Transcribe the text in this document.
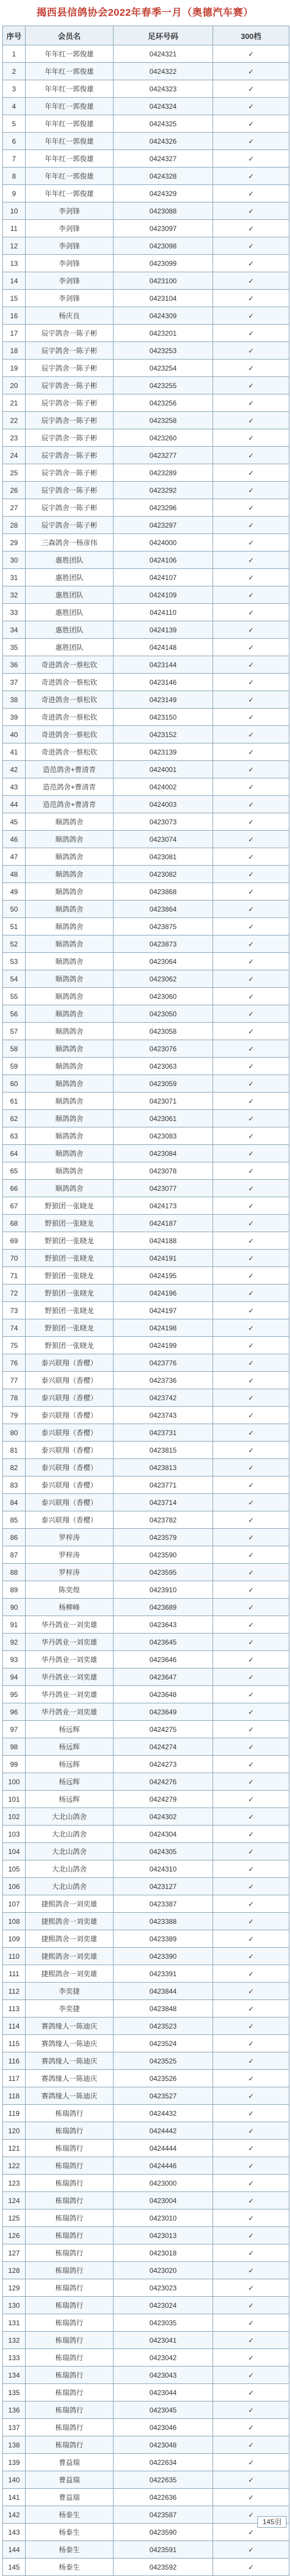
揭西县信鸽协会2022年春季一月（奥德汽车赛）
序号	会员名	足环号码	300档
1	年年红一郭俊雄	0424321	✓
2	年年红一郭俊雄	0424322	✓
3	年年红一郭俊雄	0424323	✓
4	年年红一郭俊雄	0424324	✓
5	年年红一郭俊雄	0424325	✓
6	年年红一郭俊雄	0424326	✓
7	年年红一郭俊雄	0424327	✓
8	年年红一郭俊雄	0424328	✓
9	年年红一郭俊雄	0424329	✓
10	李剑锋	0423088	✓
11	李剑锋	0423097	✓
12	李剑锋	0423098	✓
13	李剑锋	0423099	✓
14	李剑锋	0423100	✓
15	李剑锋	0423104	✓
16	杨庆良	0424309	✓
17	辰宇鸽舍一陈子彬	0423201	✓
18	辰宇鸽舍一陈子彬	0423253	✓
19	辰宇鸽舍一陈子彬	0423254	✓
20	辰宇鸽舍一陈子彬	0423255	✓
21	辰宇鸽舍一陈子彬	0423256	✓
22	辰宇鸽舍一陈子彬	0423258	✓
23	辰宇鸽舍一陈子彬	0423260	✓
24	辰宇鸽舍一陈子彬	0423277	✓
25	辰宇鸽舍一陈子彬	0423289	✓
26	辰宇鸽舍一陈子彬	0423292	✓
27	辰宇鸽舍一陈子彬	0423296	✓
28	辰宇鸽舍一陈子彬	0423297	✓
29	三森鸽舍一杨彦伟	0424000	✓
30	惠胜团队	0424106	✓
31	惠胜团队	0424107	✓
32	惠胜团队	0424109	✓
33	惠胜团队	0424110	✓
34	惠胜团队	0424139	✓
35	惠胜团队	0424148	✓
36	奇进鸽舍一蔡松钦	0423144	✓
37	奇进鸽舍一蔡松钦	0423146	✓
38	奇进鸽舍一蔡松钦	0423149	✓
39	奇进鸽舍一蔡松钦	0423150	✓
40	奇进鸽舍一蔡松钦	0423152	✓
41	奇进鸽舍一蔡松钦	0423139	✓
42	造范鸽舍+曹清青	0424001	✓
43	造范鸽舍+曹清青	0424002	✓
44	造范鸽舍+曹清青	0424003	✓
45	顺鸽鸽舍	0423073	✓
46	顺鸽鸽舍	0423074	✓
47	顺鸽鸽舍	0423081	✓
48	顺鸽鸽舍	0423082	✓
49	顺鸽鸽舍	0423868	✓
50	顺鸽鸽舍	0423864	✓
51	顺鸽鸽舍	0423875	✓
52	顺鸽鸽舍	0423873	✓
53	顺鸽鸽舍	0423064	✓
54	顺鸽鸽舍	0423062	✓
55	顺鸽鸽舍	0423060	✓
56	顺鸽鸽舍	0423050	✓
57	顺鸽鸽舍	0423058	✓
58	顺鸽鸽舍	0423076	✓
59	顺鸽鸽舍	0423063	✓
60	顺鸽鸽舍	0423059	✓
61	顺鸽鸽舍	0423071	✓
62	顺鸽鸽舍	0423061	✓
63	顺鸽鸽舍	0423083	✓
64	顺鸽鸽舍	0423084	✓
65	顺鸽鸽舍	0423078	✓
66	顺鸽鸽舍	0423077	✓
67	野狼团一张晓龙	0424173	✓
68	野狼团一张晓龙	0424187	✓
69	野狼团一张晓龙	0424188	✓
70	野狼团一张晓龙	0424191	✓
71	野狼团一张晓龙	0424195	✓
72	野狼团一张晓龙	0424196	✓
73	野狼团一张晓龙	0424197	✓
74	野狼团一张晓龙	0424198	✓
75	野狼团一张晓龙	0424199	✓
76	泰兴联翔（香樱）	0423776	✓
77	泰兴联翔（香樱）	0423736	✓
78	泰兴联翔（香樱）	0423742	✓
79	泰兴联翔（香樱）	0423743	✓
80	泰兴联翔（香樱）	0423731	✓
81	泰兴联翔（香樱）	0423815	✓
82	泰兴联翔（香樱）	0423813	✓
83	泰兴联翔（香樱）	0423771	✓
84	泰兴联翔（香樱）	0423714	✓
85	泰兴联翔（香樱）	0423782	✓
86	罗梓涛	0423579	✓
87	罗梓涛	0423590	✓
88	罗梓涛	0423595	✓
89	陈奕煌	0423910	✓
90	杨柳峰	0423689	✓
91	华丹鸽业一刘奕雄	0423643	✓
92	华丹鸽业一刘奕雄	0423645	✓
93	华丹鸽业一刘奕雄	0423646	✓
94	华丹鸽业一刘奕雄	0423647	✓
95	华丹鸽业一刘奕雄	0423648	✓
96	华丹鸽业一刘奕雄	0423649	✓
97	杨远辉	0424275	✓
98	杨远辉	0424274	✓
99	杨远辉	0424273	✓
100	杨远辉	0424276	✓
101	杨远辉	0424279	✓
102	大北山鸽舍	0424302	✓
103	大北山鸽舍	0424304	✓
104	大北山鸽舍	0424305	✓
105	大北山鸽舍	0424310	✓
106	大北山鸽舍	0423127	✓
107	捷熙鸽舍一刘奕雄	0423387	✓
108	捷熙鸽舍一刘奕雄	0423388	✓
109	捷熙鸽舍一刘奕雄	0423389	✓
110	捷熙鸽舍一刘奕雄	0423390	✓
111	捷熙鸽舍一刘奕雄	0423391	✓
112	李奕捷	0423844	✓
113	李奕捷	0423848	✓
114	赛鸽缘人一陈迪庆	0423523	✓
115	赛鸽缘人一陈迪庆	0423524	✓
116	赛鸽缘人一陈迪庆	0423525	✓
117	赛鸽缘人一陈迪庆	0423526	✓
118	赛鸽缘人一陈迪庆	0423527	✓
119	栋瑞鸽行	0424432	✓
120	栋瑞鸽行	0424442	✓
121	栋瑞鸽行	0424444	✓
122	栋瑞鸽行	0424446	✓
123	栋瑞鸽行	0423000	✓
124	栋瑞鸽行	0423004	✓
125	栋瑞鸽行	0423010	✓
126	栋瑞鸽行	0423013	✓
127	栋瑞鸽行	0423018	✓
128	栋瑞鸽行	0423020	✓
129	栋瑞鸽行	0423023	✓
130	栋瑞鸽行	0423024	✓
131	栋瑞鸽行	0423035	✓
132	栋瑞鸽行	0423041	✓
133	栋瑞鸽行	0423042	✓
134	栋瑞鸽行	0423043	✓
135	栋瑞鸽行	0423044	✓
136	栋瑞鸽行	0423045	✓
137	栋瑞鸽行	0423046	✓
138	栋瑞鸽行	0423048	✓
139	曹益瑞	0422634	✓
140	曹益瑞	0422635	✓
141	曹益瑞	0422636	✓
142	杨泰生	0423587	✓
143	杨泰生	0423590	✓
144	杨泰生	0423591	✓
145	杨泰生	0423592	✓
145羽
